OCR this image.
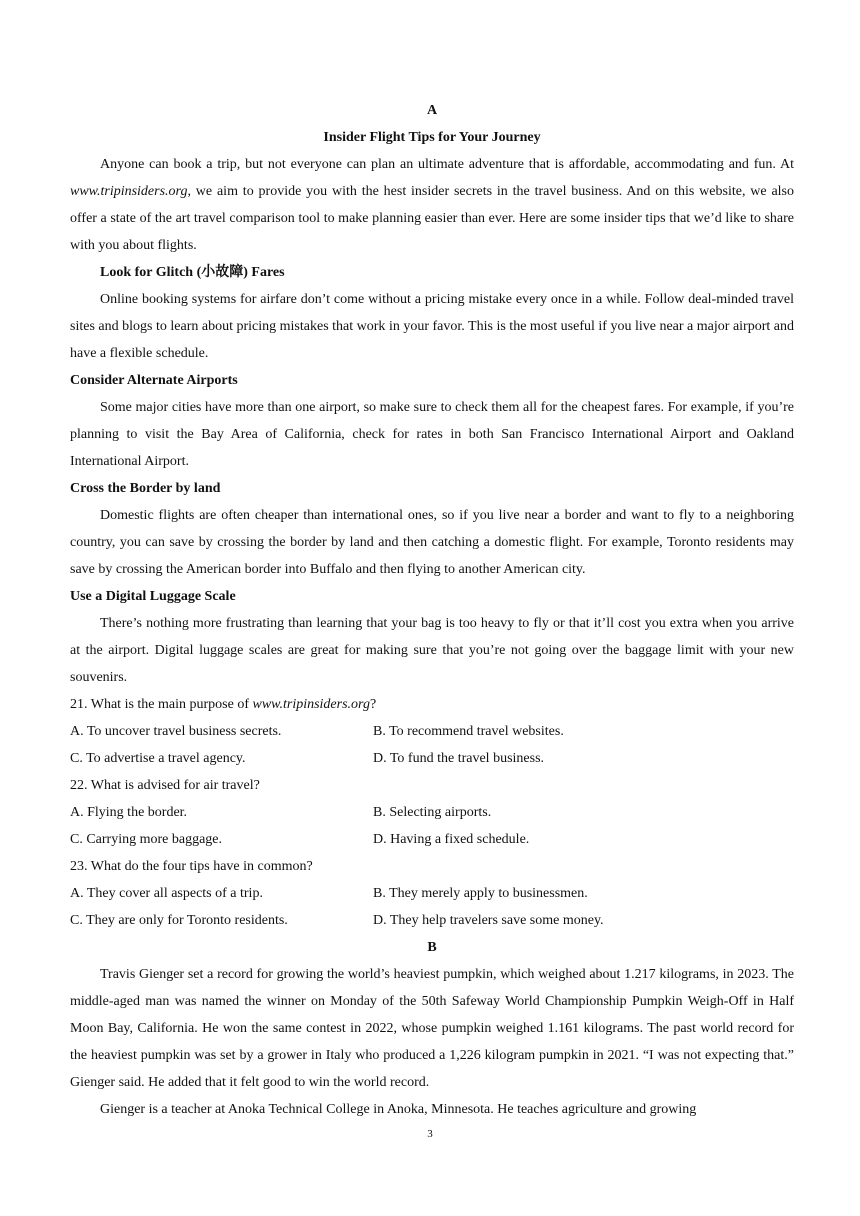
A

Insider Flight Tips for Your Journey

Anyone can book a trip, but not everyone can plan an ultimate adventure that is affordable, accommodating and fun. At www.tripinsiders.org, we aim to provide you with the hest insider secrets in the travel business. And on this website, we also offer a state of the art travel comparison tool to make planning easier than ever. Here are some insider tips that we’d like to share with you about flights.

Look for Glitch (小故障) Fares

Online booking systems for airfare don’t come without a pricing mistake every once in a while. Follow deal-minded travel sites and blogs to learn about pricing mistakes that work in your favor. This is the most useful if you live near a major airport and have a flexible schedule.

Consider Alternate Airports

Some major cities have more than one airport, so make sure to check them all for the cheapest fares. For example, if you’re planning to visit the Bay Area of California, check for rates in both San Francisco International Airport and Oakland International Airport.

Cross the Border by land

Domestic flights are often cheaper than international ones, so if you live near a border and want to fly to a neighboring country, you can save by crossing the border by land and then catching a domestic flight. For example, Toronto residents may save by crossing the American border into Buffalo and then flying to another American city.

Use a Digital Luggage Scale

There’s nothing more frustrating than learning that your bag is too heavy to fly or that it’ll cost you extra when you arrive at the airport. Digital luggage scales are great for making sure that you’re not going over the baggage limit with your new souvenirs.

21. What is the main purpose of www.tripinsiders.org?

A. To uncover travel business secrets.	B. To recommend travel websites.
C. To advertise a travel agency.	D. To fund the travel business.

22. What is advised for air travel?

A. Flying the border.	B. Selecting airports.
C. Carrying more baggage.	D. Having a fixed schedule.

23. What do the four tips have in common?

A. They cover all aspects of a trip.	B. They merely apply to businessmen.
C. They are only for Toronto residents.	D. They help travelers save some money.

B

Travis Gienger set a record for growing the world’s heaviest pumpkin, which weighed about 1.217 kilograms, in 2023. The middle-aged man was named the winner on Monday of the 50th Safeway World Championship Pumpkin Weigh-Off in Half Moon Bay, California. He won the same contest in 2022, whose pumpkin weighed 1.161 kilograms. The past world record for the heaviest pumpkin was set by a grower in Italy who produced a 1,226 kilogram pumpkin in 2021. “I was not expecting that.” Gienger said. He added that it felt good to win the world record.

Gienger is a teacher at Anoka Technical College in Anoka, Minnesota. He teaches agriculture and growing

3
